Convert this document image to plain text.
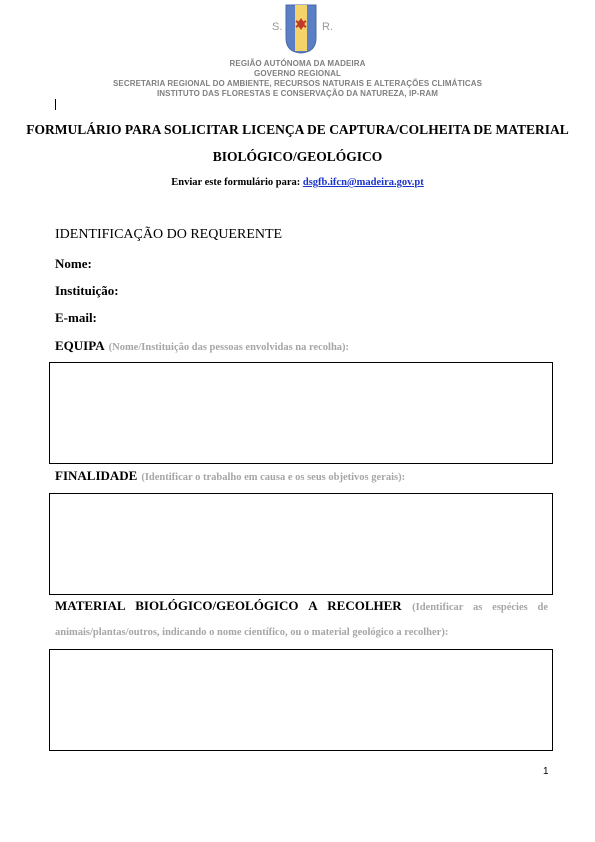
S.	R.
REGIÃO AUTÓNOMA DA MADEIRA
GOVERNO REGIONAL
SECRETARIA REGIONAL DO AMBIENTE, RECURSOS NATURAIS E ALTERAÇÕES CLIMÁTICAS
INSTITUTO DAS FLORESTAS E CONSERVAÇÃO DA NATUREZA, IP-RAM
FORMULÁRIO PARA SOLICITAR LICENÇA DE CAPTURA/COLHEITA DE MATERIAL
BIOLÓGICO/GEOLÓGICO
Enviar este formulário para: dsgfb.ifcn@madeira.gov.pt
IDENTIFICAÇÃO DO REQUERENTE
Nome:
Instituição:
E-mail:
EQUIPA (Nome/Instituição das pessoas envolvidas na recolha):
FINALIDADE (Identificar o trabalho em causa e os seus objetivos gerais):
MATERIAL BIOLÓGICO/GEOLÓGICO A RECOLHER (Identificar as espécies de
animais/plantas/outros, indicando o nome científico, ou o material geológico a recolher):
1
